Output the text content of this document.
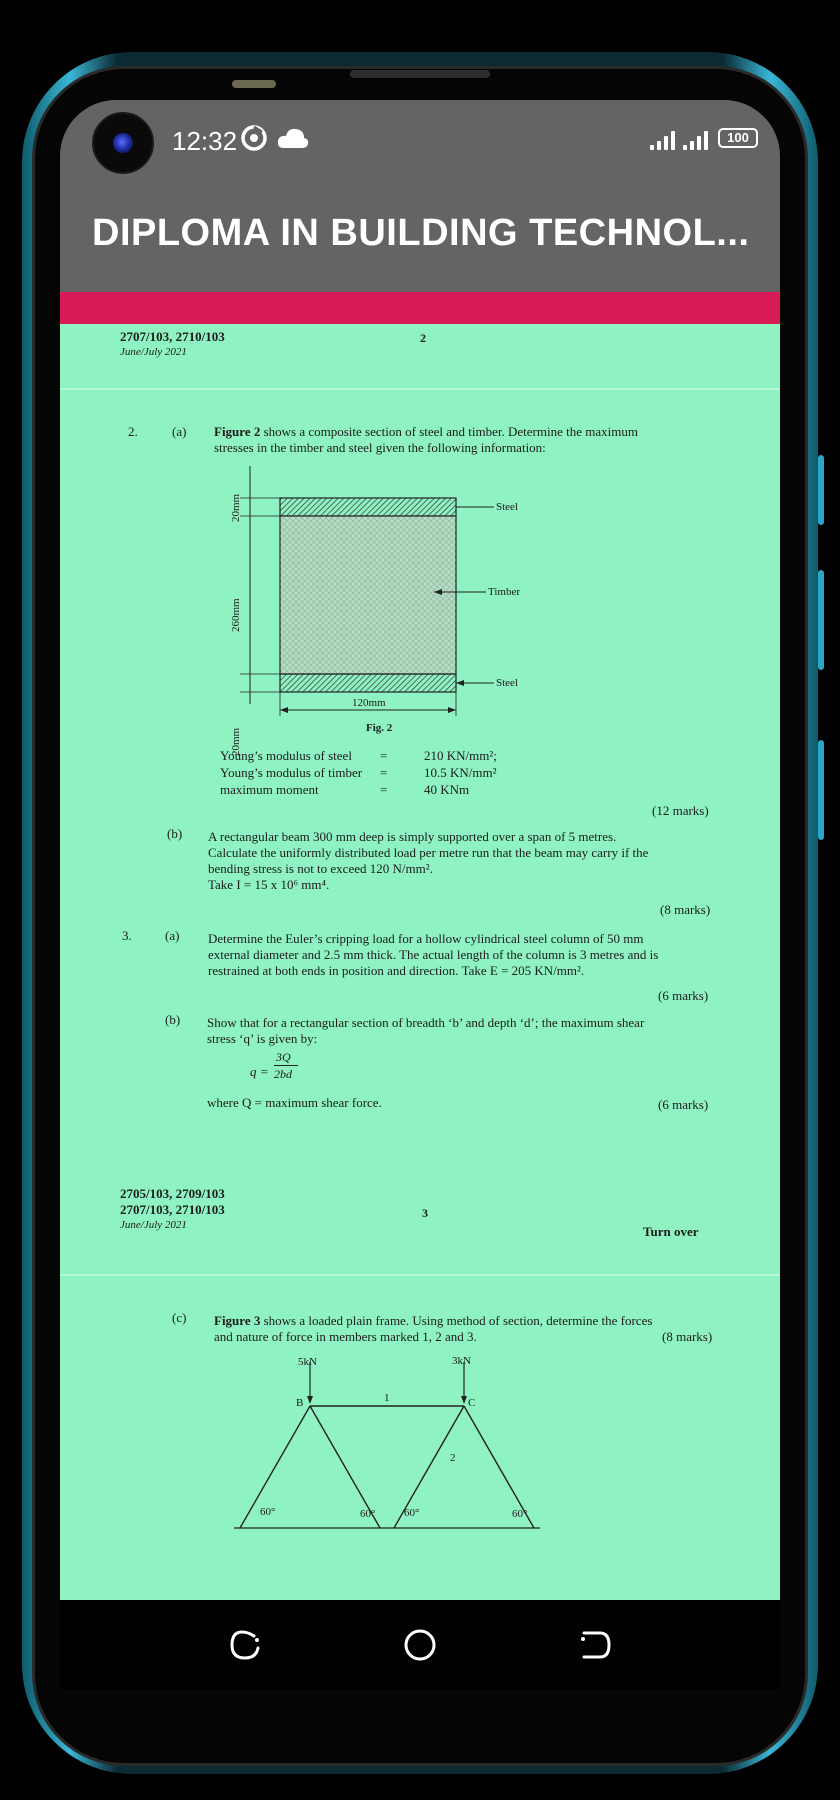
12:32	100
DIPLOMA IN BUILDING TECHNOL...
2707/103, 2710/103
June/July 2021
2
2.	(a) Figure 2 shows a composite section of steel and timber. Determine the maximum
stresses in the timber and steel given the following information:
20mm
260mm
20mm
120mm
Steel
Timber
Steel
Fig. 2
Young’s modulus of steel =	210 KN/mm²;
Young’s modulus of timber =	10.5 KN/mm²
maximum moment	=	40 KNm
(12 marks)
(b) A rectangular beam 300 mm deep is simply supported over a span of 5 metres.
Calculate the uniformly distributed load per metre run that the beam may carry if the
bending stress is not to exceed 120 N/mm².
Take I = 15 x 10⁶ mm⁴.
(8 marks)
3.	(a) Determine the Euler’s cripping load for a hollow cylindrical steel column of 50 mm
external diameter and 2.5 mm thick. The actual length of the column is 3 metres and is
restrained at both ends in position and direction. Take E = 205 KN/mm².
(6 marks)
(b) Show that for a rectangular section of breadth ‘b’ and depth ‘d’; the maximum shear
stress ‘q’ is given by:
q =
3Q
2bd
where Q = maximum shear force.	(6 marks)
2705/103, 2709/103
2707/103, 2710/103
June/July 2021
3
Turn over
(c) Figure 3 shows a loaded plain frame. Using method of section, determine the forces
and nature of force in members marked 1, 2 and 3.	(8 marks)
5kN	3kN
B	C
1
2
60°	60°	60°	60°
